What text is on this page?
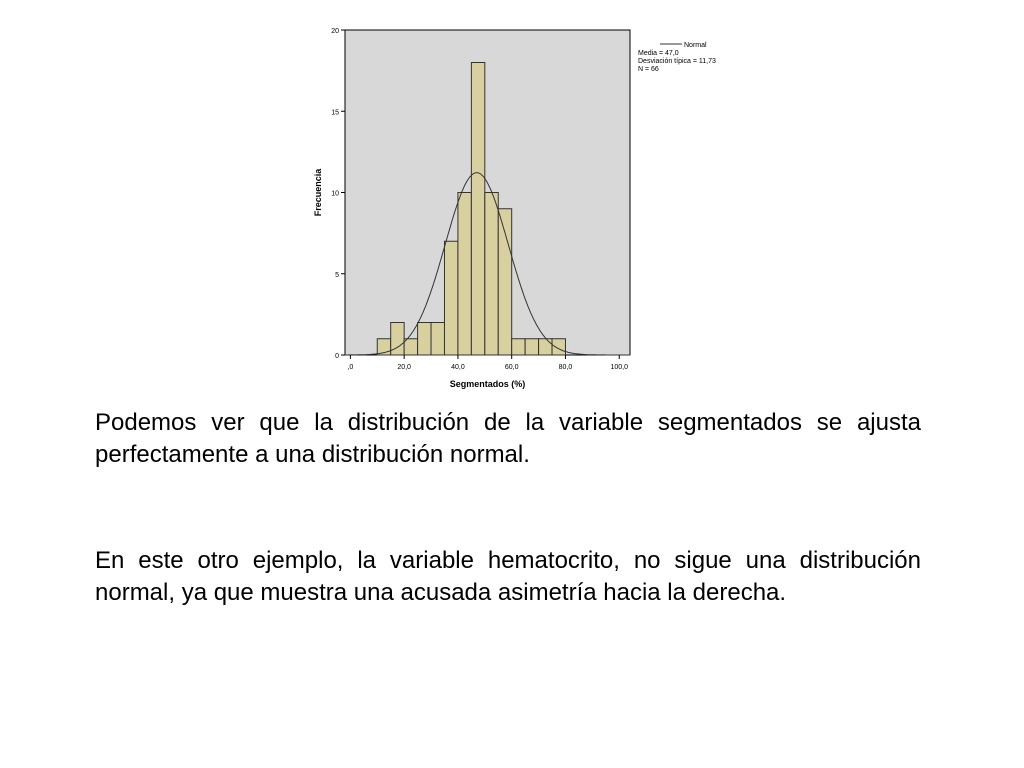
0
5
10
15
20
,0	20,0	40,0	60,0	80,0	100,0
Segmentados (%)
Frecuencia
Normal
Media = 47,0
Desviación típica = 11,73
N = 66

Podemos ver que la distribución de la variable segmentados se ajusta perfectamente a una distribución normal.

En este otro ejemplo, la variable hematocrito, no sigue una distribución normal, ya que muestra una acusada asimetría hacia la derecha.
